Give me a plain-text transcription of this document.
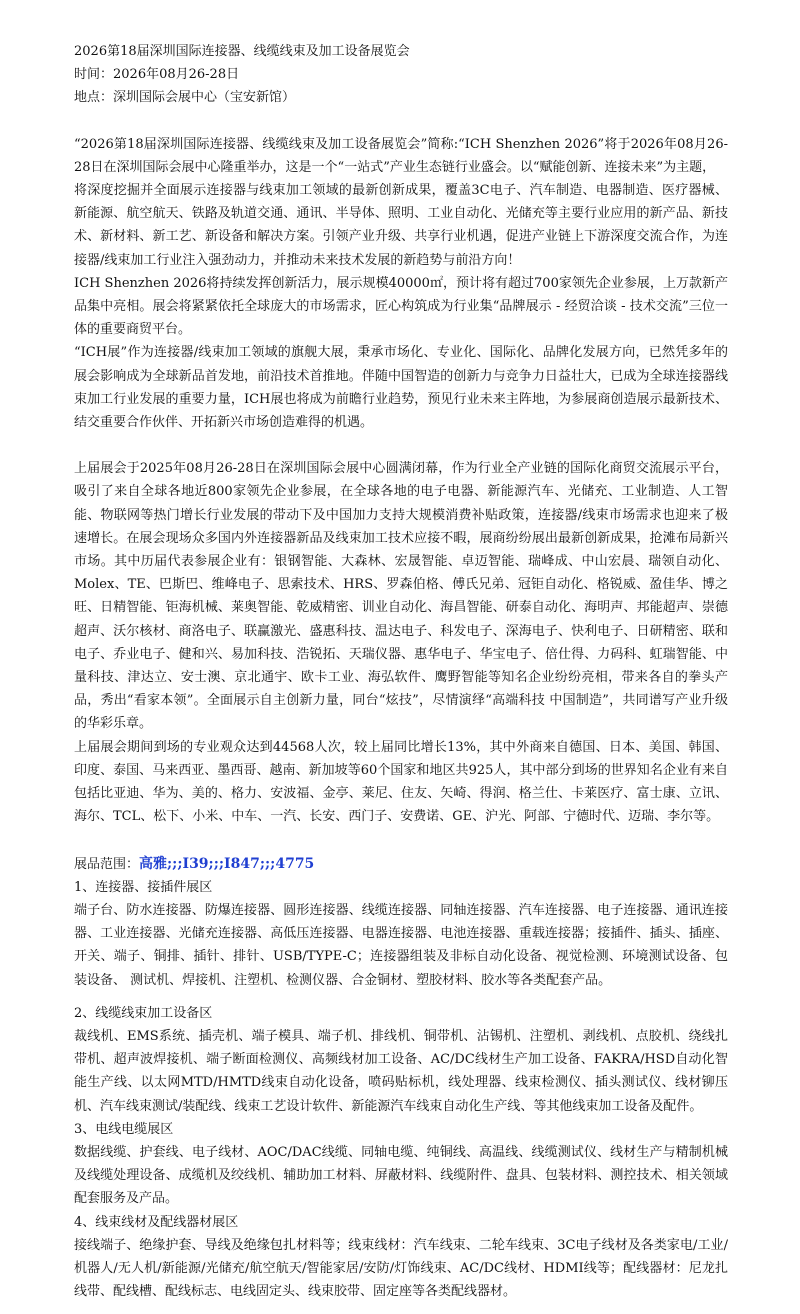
2026第18届深圳国际连接器、线缆线束及加工设备展览会

时间：2026年08月26-28日

地点：深圳国际会展中心（宝安新馆）

“2026第18届深圳国际连接器、线缆线束及加工设备展览会”简称:“ICH Shenzhen 2026”将于2026年08月26-28日在深圳国际会展中心隆重举办，这是一个“一站式”产业生态链行业盛会。以“赋能创新、连接未来”为主题，

将深度挖掘并全面展示连接器与线束加工领域的最新创新成果，覆盖3C电子、汽车制造、电器制造、医疗器械、新能源、航空航天、铁路及轨道交通、通讯、半导体、照明、工业自动化、光储充等主要行业应用的新产品、新技术、新材料、新工艺、新设备和解决方案。引领产业升级、共享行业机遇，促进产业链上下游深度交流合作，为连接器/线束加工行业注入强劲动力，并推动未来技术发展的新趋势与前沿方向！

ICH Shenzhen 2026将持续发挥创新活力，展示规模40000㎡，预计将有超过700家领先企业参展，上万款新产品集中亮相。展会将紧紧依托全球庞大的市场需求，匠心构筑成为行业集“品牌展示 - 经贸洽谈 - 技术交流”三位一体的重要商贸平台。

“ICH展”作为连接器/线束加工领域的旗舰大展，秉承市场化、专业化、国际化、品牌化发展方向，已然凭多年的展会影响成为全球新品首发地，前沿技术首推地。伴随中国智造的创新力与竞争力日益壮大，已成为全球连接器线束加工行业发展的重要力量，ICH展也将成为前瞻行业趋势，预见行业未来主阵地，为参展商创造展示最新技术、结交重要合作伙伴、开拓新兴市场创造难得的机遇。

上届展会于2025年08月26-28日在深圳国际会展中心圆满闭幕，作为行业全产业链的国际化商贸交流展示平台，吸引了来自全球各地近800家领先企业参展，在全球各地的电子电器、新能源汽车、光储充、工业制造、人工智能、物联网等热门增长行业发展的带动下及中国加力支持大规模消费补贴政策，连接器/线束市场需求也迎来了极速增长。在展会现场众多国内外连接器新品及线束加工技术应接不暇，展商纷纷展出最新创新成果，抢滩布局新兴市场。其中历届代表参展企业有：银钢智能、大森林、宏晟智能、卓迈智能、瑞峰成、中山宏晨、瑞领自动化、Molex、TE、巴斯巴、维峰电子、思索技术、HRS、罗森伯格、傅氏兄弟、冠钜自动化、格锐威、盈佳华、博之旺、日精智能、钜海机械、莱奥智能、乾威精密、训业自动化、海昌智能、研泰自动化、海明声、邦能超声、崇德超声、沃尔核材、商洛电子、联赢激光、盛惠科技、温达电子、科发电子、深海电子、快利电子、日研精密、联和电子、乔业电子、健和兴、易加科技、浩锐拓、天瑞仪器、惠华电子、华宝电子、倍仕得、力码科、虹瑞智能、中量科技、津达立、安士澳、京北通宇、欧卡工业、海弘软件、鹰野智能等知名企业纷纷亮相，带来各自的拳头产品，秀出“看家本领”。全面展示自主创新力量，同台“炫技”，尽情演绎“高端科技 中国制造”，共同谱写产业升级的华彩乐章。

上届展会期间到场的专业观众达到44568人次，较上届同比增长13%，其中外商来自德国、日本、美国、韩国、印度、泰国、马来西亚、墨西哥、越南、新加坡等60个国家和地区共925人，其中部分到场的世界知名企业有来自包括比亚迪、华为、美的、格力、安波福、金亭、莱尼、住友、矢崎、得润、格兰仕、卡莱医疗、富士康、立讯、海尔、TCL、松下、小米、中车、一汽、长安、西门子、安费诺、GE、沪光、阿部、宁德时代、迈瑞、李尔等。

展品范围：高雅;;;I39;;;I847;;;4775

1、连接器、接插件展区

端子台、防水连接器、防爆连接器、圆形连接器、线缆连接器、同轴连接器、汽车连接器、电子连接器、通讯连接器、工业连接器、光储充连接器、高低压连接器、电器连接器、电池连接器、重载连接器；接插件、插头、插座、开关、端子、铜排、插针、排针、USB/TYPE-C；连接器组装及非标自动化设备、视觉检测、环境测试设备、包装设备、 测试机、焊接机、注塑机、检测仪器、合金铜材、塑胶材料、胶水等各类配套产品。

2、线缆线束加工设备区

裁线机、EMS系统、插壳机、端子模具、端子机、排线机、铜带机、沾锡机、注塑机、剥线机、点胶机、绕线扎带机、超声波焊接机、端子断面检测仪、高频线材加工设备、AC/DC线材生产加工设备、FAKRA/HSD自动化智能生产线、以太网MTD/HMTD线束自动化设备，喷码贴标机，线处理器、线束检测仪、插头测试仪、线材铆压机、汽车线束测试/装配线、线束工艺设计软件、新能源汽车线束自动化生产线、等其他线束加工设备及配件。

3、电线电缆展区

数据线缆、护套线、电子线材、AOC/DAC线缆、同轴电缆、纯铜线、高温线、线缆测试仪、线材生产与精制机械及线缆处理设备、成缆机及绞线机、辅助加工材料、屏蔽材料、线缆附件、盘具、包装材料、测控技术、相关领域配套服务及产品。

4、线束线材及配线器材展区

接线端子、绝缘护套、导线及绝缘包扎材料等；线束线材：汽车线束、二轮车线束、3C电子线材及各类家电/工业/机器人/无人机/新能源/光储充/航空航天/智能家居/安防/灯饰线束、AC/DC线材、HDMI线等；配线器材：尼龙扎线带、配线槽、配线标志、电线固定头、线束胶带、固定座等各类配线器材。
